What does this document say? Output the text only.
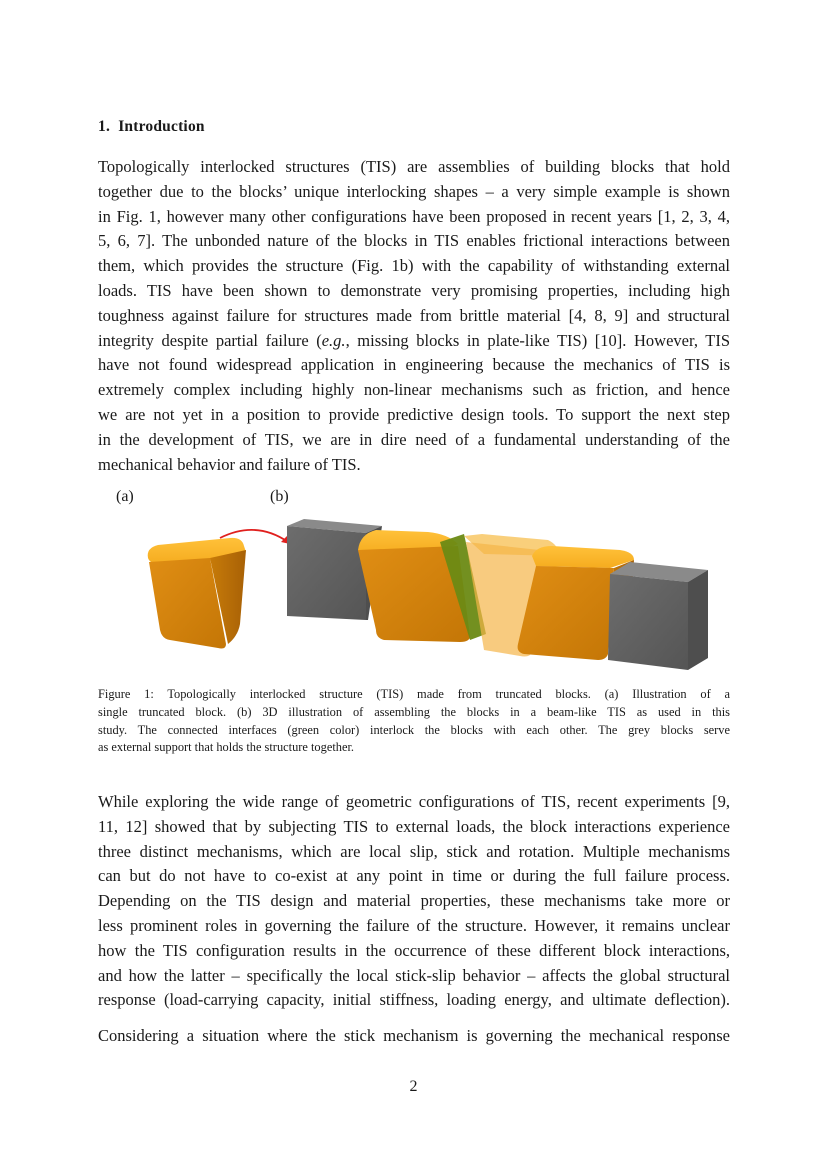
1. Introduction

Topologically interlocked structures (TIS) are assemblies of building blocks that hold
together due to the blocks’ unique interlocking shapes – a very simple example is shown
in Fig. 1, however many other configurations have been proposed in recent years [1, 2, 3, 4,
5, 6, 7]. The unbonded nature of the blocks in TIS enables frictional interactions between
them, which provides the structure (Fig. 1b) with the capability of withstanding external
loads. TIS have been shown to demonstrate very promising properties, including high
toughness against failure for structures made from brittle material [4, 8, 9] and structural
integrity despite partial failure (e.g., missing blocks in plate-like TIS) [10]. However, TIS
have not found widespread application in engineering because the mechanics of TIS is
extremely complex including highly non-linear mechanisms such as friction, and hence
we are not yet in a position to provide predictive design tools. To support the next step
in the development of TIS, we are in dire need of a fundamental understanding of the
mechanical behavior and failure of TIS.

(a)	(b)

Figure 1: Topologically interlocked structure (TIS) made from truncated blocks. (a) Illustration of a
single truncated block. (b) 3D illustration of assembling the blocks in a beam-like TIS as used in this
study. The connected interfaces (green color) interlock the blocks with each other. The grey blocks serve
as external support that holds the structure together.

While exploring the wide range of geometric configurations of TIS, recent experiments [9,
11, 12] showed that by subjecting TIS to external loads, the block interactions experience
three distinct mechanisms, which are local slip, stick and rotation. Multiple mechanisms
can but do not have to co-exist at any point in time or during the full failure process.
Depending on the TIS design and material properties, these mechanisms take more or
less prominent roles in governing the failure of the structure. However, it remains unclear
how the TIS configuration results in the occurrence of these different block interactions,
and how the latter – specifically the local stick-slip behavior – affects the global structural
response (load-carrying capacity, initial stiffness, loading energy, and ultimate deflection).

Considering a situation where the stick mechanism is governing the mechanical response

2
